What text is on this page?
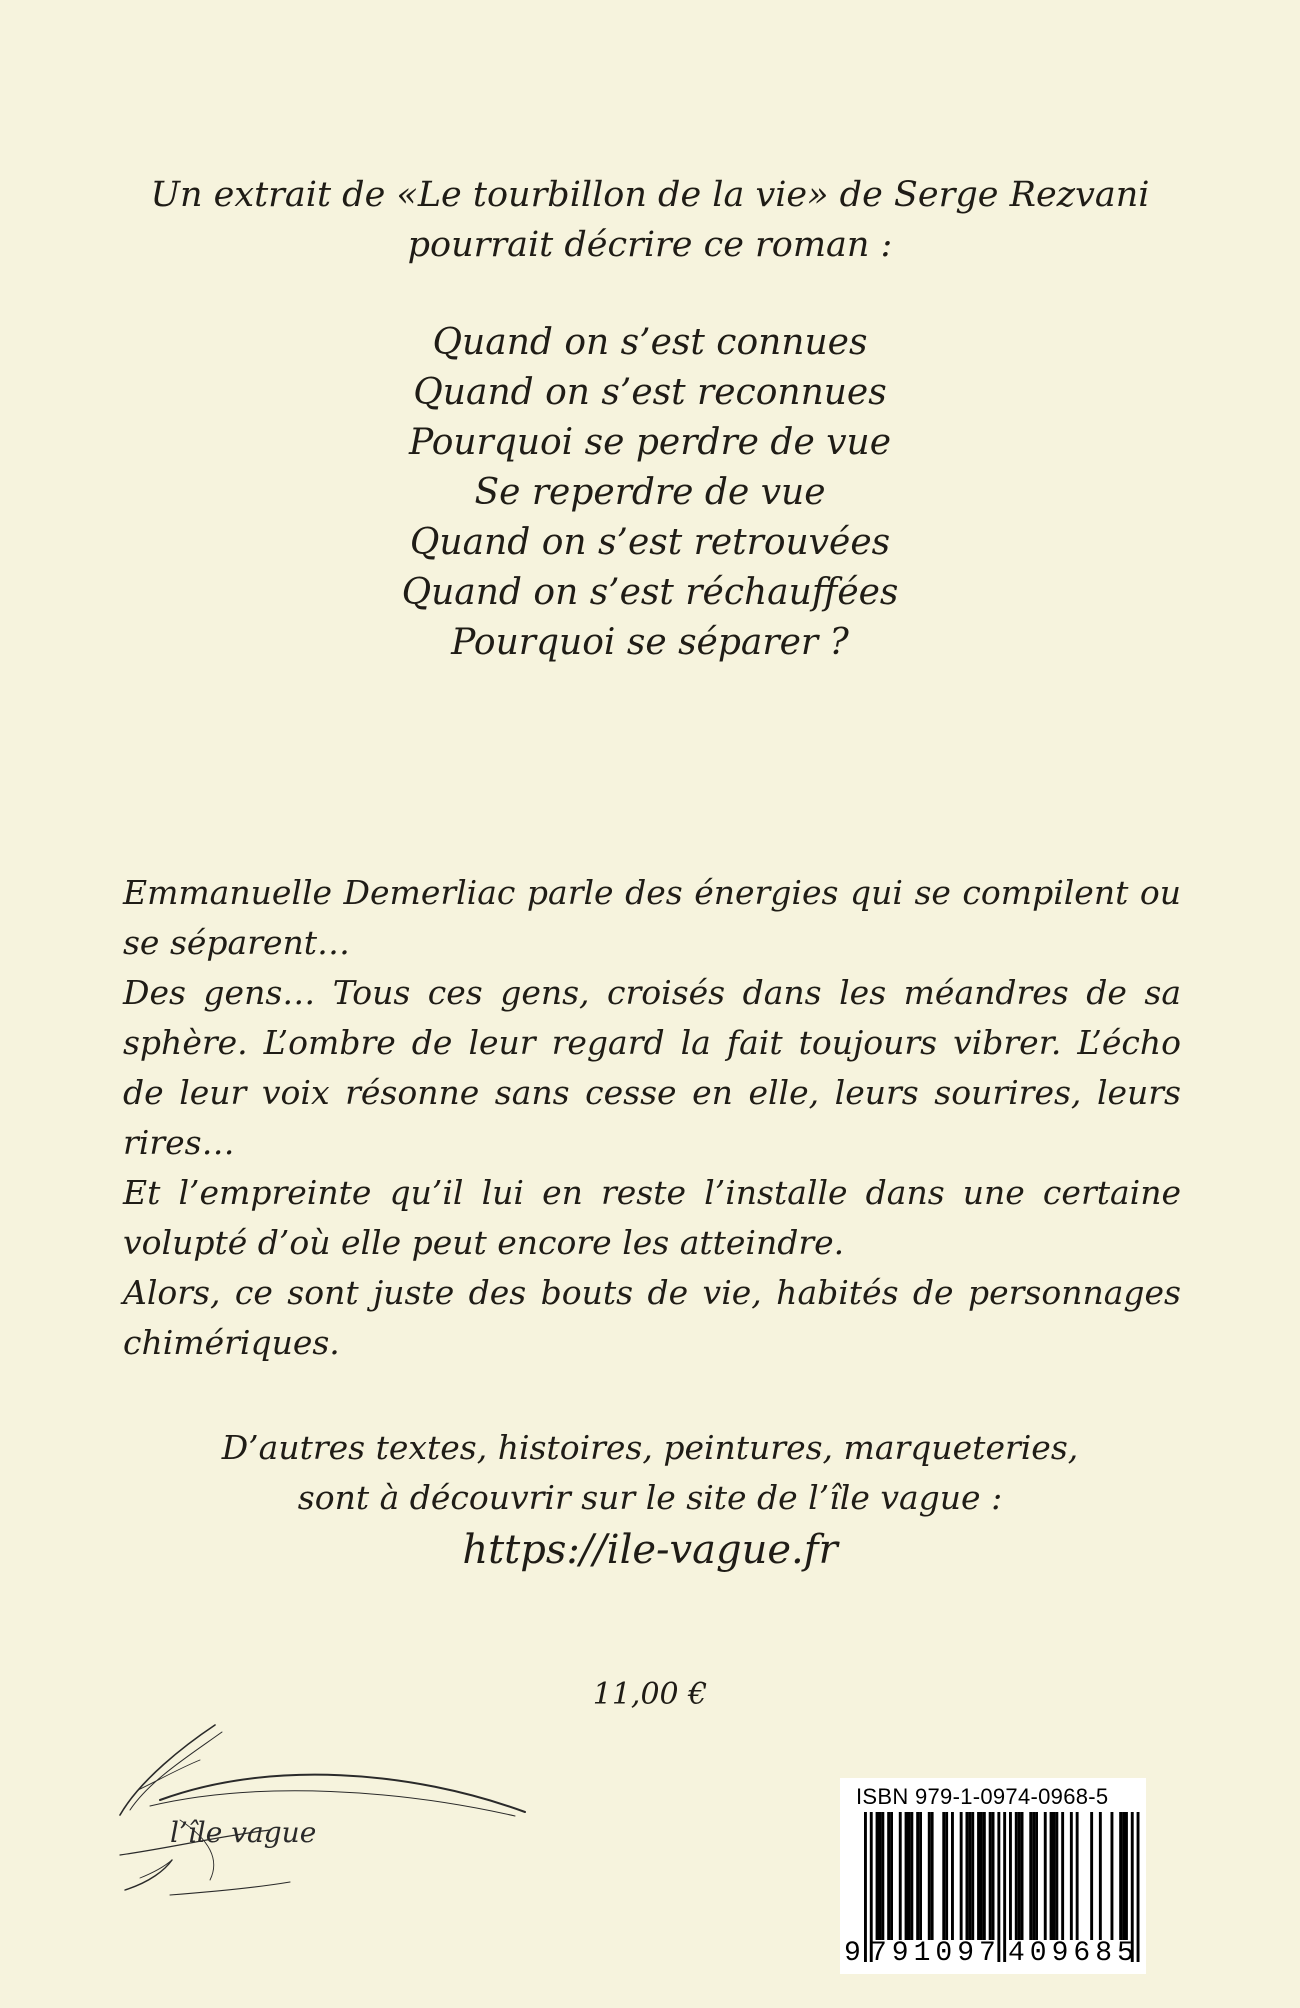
Un extrait de «Le tourbillon de la vie» de Serge Rezvani
pourrait décrire ce roman :
Quand on s’est connues
Quand on s’est reconnues
Pourquoi se perdre de vue
Se reperdre de vue
Quand on s’est retrouvées
Quand on s’est réchauffées
Pourquoi se séparer ?

Emmanuelle Demerliac parle des énergies qui se compilent ou se séparent…

Des gens… Tous ces gens, croisés dans les méandres de sa sphère. L’ombre de leur regard la fait toujours vibrer. L’écho de leur voix résonne sans cesse en elle, leurs sourires, leurs rires…

Et l’empreinte qu’il lui en reste l’installe dans une certaine volupté d’où elle peut encore les atteindre.

Alors, ce sont juste des bouts de vie, habités de personnages chimériques.

D’autres textes, histoires, peintures, marqueteries,
sont à découvrir sur le site de l’île vague :
https://ile-vague.fr
11,00 €
l’île vague
ISBN 979-1-0974-0968-5
9 791097 409685
